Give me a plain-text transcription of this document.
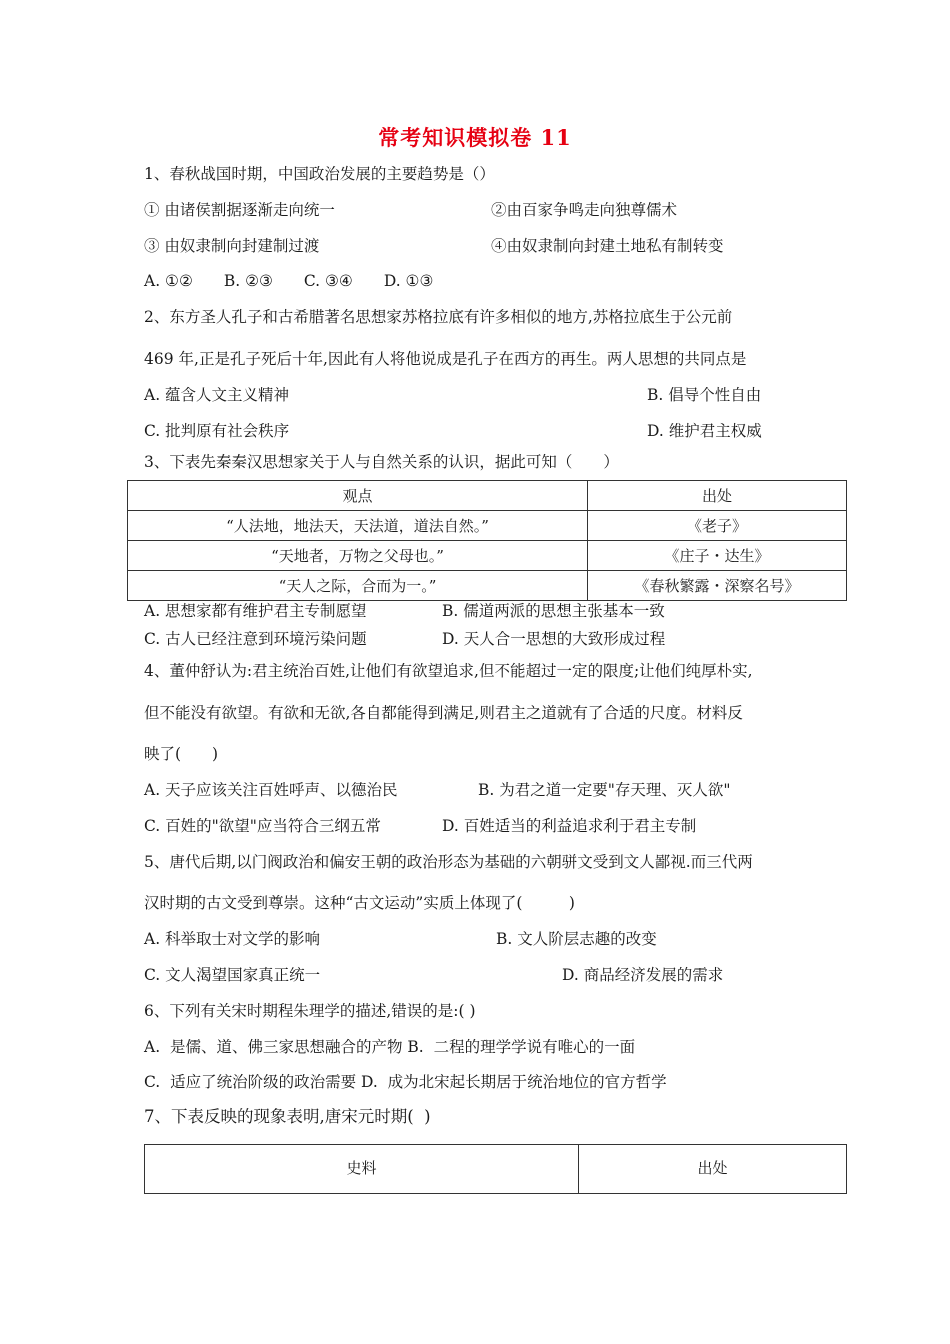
常考知识模拟卷 11
1、春秋战国时期，中国政治发展的主要趋势是（）
① 由诸侯割据逐渐走向统一	②由百家争鸣走向独尊儒术
③ 由奴隶制向封建制过渡	④由奴隶制向封建土地私有制转变
A. ①②　　B. ②③　　C. ③④　　D. ①③
2、东方圣人孔子和古希腊著名思想家苏格拉底有许多相似的地方,苏格拉底生于公元前
469 年,正是孔子死后十年,因此有人将他说成是孔子在西方的再生。两人思想的共同点是
A. 蕴含人文主义精神	B. 倡导个性自由
C. 批判原有社会秩序	D. 维护君主权威
3、下表先秦秦汉思想家关于人与自然关系的认识，据此可知（　　）
观点	出处
“人法地，地法天，天法道，道法自然。”	《老子》
“天地者，万物之父母也。”	《庄子・达生》
“天人之际，合而为一。”	《春秋繁露・深察名号》
A. 思想家都有维护君主专制愿望	B. 儒道两派的思想主张基本一致
C. 古人已经注意到环境污染问题	D. 天人合一思想的大致形成过程
4、董仲舒认为:君主统治百姓,让他们有欲望追求,但不能超过一定的限度;让他们纯厚朴实,
但不能没有欲望。有欲和无欲,各自都能得到满足,则君主之道就有了合适的尺度。材料反
映了(　　)
A. 天子应该关注百姓呼声、以德治民	B. 为君之道一定要"存天理、灭人欲"
C. 百姓的"欲望"应当符合三纲五常	D. 百姓适当的利益追求利于君主专制
5、唐代后期,以门阀政治和偏安王朝的政治形态为基础的六朝骈文受到文人鄙视.而三代两
汉时期的古文受到尊崇。这种“古文运动”实质上体现了(　　　)
A. 科举取士对文学的影响	B. 文人阶层志趣的改变
C. 文人渴望国家真正统一	D. 商品经济发展的需求
6、下列有关宋时期程朱理学的描述,错误的是:( )
A.  是儒、道、佛三家思想融合的产物 B.  二程的理学学说有唯心的一面
C.  适应了统治阶级的政治需要 D.  成为北宋起长期居于统治地位的官方哲学
7、下表反映的现象表明,唐宋元时期(  )
史料	出处
